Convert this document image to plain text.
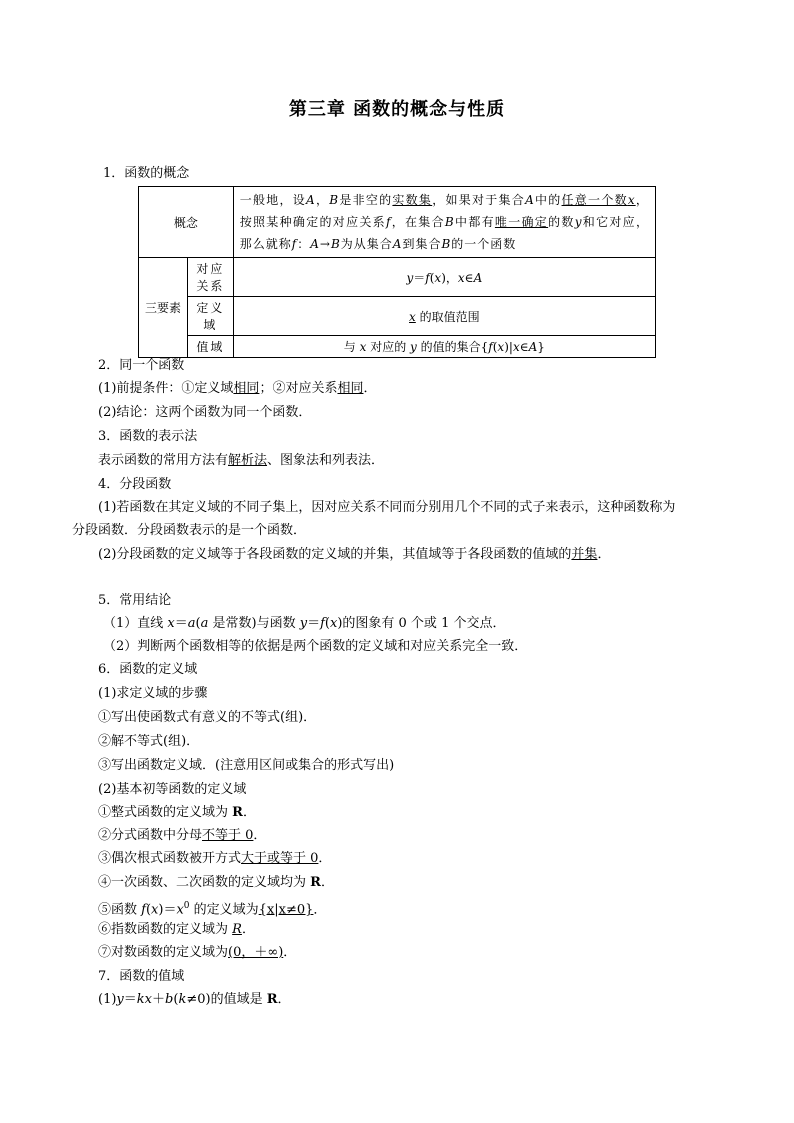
第三章 函数的概念与性质
1．函数的概念
概念		一般地，设A，B是非空的实数集，如果对于集合A中的任意一个数x，按照某种确定的对应关系f，在集合B中都有唯一确定的数y和它对应，那么就称f：A→B为从集合A到集合B的一个函数
三要素	对应关系	y＝f(x)，x∈A
	定义域	x 的取值范围
	值域	与 x 对应的 y 的值的集合{f(x)|x∈A}
2．同一个函数
(1)前提条件：①定义域相同；②对应关系相同．
(2)结论：这两个函数为同一个函数．
3．函数的表示法
表示函数的常用方法有解析法、图象法和列表法．
4．分段函数
(1)若函数在其定义域的不同子集上，因对应关系不同而分别用几个不同的式子来表示，这种函数称为
分段函数．分段函数表示的是一个函数．
(2)分段函数的定义域等于各段函数的定义域的并集，其值域等于各段函数的值域的并集．
5．常用结论
（1）直线 x＝a(a 是常数)与函数 y＝f(x)的图象有 0 个或 1 个交点．
（2）判断两个函数相等的依据是两个函数的定义域和对应关系完全一致．
6．函数的定义域
(1)求定义域的步骤
①写出使函数式有意义的不等式(组)．
②解不等式(组)．
③写出函数定义域．(注意用区间或集合的形式写出)
(2)基本初等函数的定义域
①整式函数的定义域为 R．
②分式函数中分母不等于 0．
③偶次根式函数被开方式大于或等于 0．
④一次函数、二次函数的定义域均为 R．
⑤函数 $f(x)=x^0$ 的定义域为{x|x≠0}．
⑥指数函数的定义域为 R．
⑦对数函数的定义域为(0，＋∞)．
7．函数的值域
(1)y＝kx＋b(k≠0)的值域是 R．
